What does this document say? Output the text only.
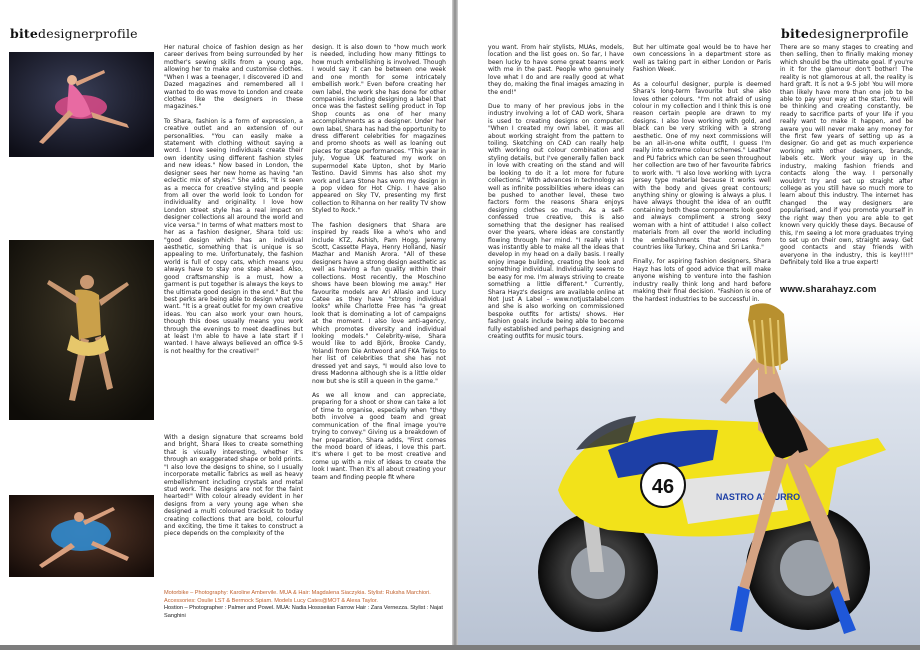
bitedesignerprofile

Her natural choice of fashion design as her career derives from being surrounded by her mother's sewing skills from a young age, allowing her to make and customise clothes. "When I was a teenager, I discovered iD and Dazed magazines and remembered all I wanted to do was move to London and create clothes like the designers in these magazines."

To Shara, fashion is a form of expression, a creative outlet and an extension of our personalities. "You can easily make a statement with clothing without saying a word. I love seeing individuals create their own identity using different fashion styles and new ideas." Now based in London, the designer sees her new home as having "an eclectic mix of styles." She adds, "It is seen as a mecca for creative styling and people from all over the world look to London for individuality and originality. I love how London street style has a real impact on designer collections all around the world and vice versa." In terms of what matters most to her as a fashion designer, Shara told us: "good design which has an individual aesthetic, something that is unique is so appealing to me. Unfortunately, the fashion world is full of copy cats, which means you always have to stay one step ahead. Also, good craftsmanship is a must, how a garment is put together is always the keys to the ultimate good design in the end." But the best perks are being able to design what you want. "It is a great outlet for my own creative ideas. You can also work your own hours, though this does usually means you work through the evenings to meet deadlines but at least I'm able to have a late start if I wanted. I have always believed an office 9-5 is not healthy for the creative!"

With a design signature that screams bold and bright, Shara likes to create something that is visually interesting, whether it's through an exaggerated shape or bold prints. "I also love the designs to shine, so I usually incorporate metallic fabrics as well as heavy embellishment including crystals and metal stud work. The designs are not for the faint hearted!" With colour already evident in her designs from a very young age when she designed a multi coloured tracksuit to today creating collections that are bold, colourful and exciting, the time it takes to construct a piece depends on the complexity of the

design. It is also down to "how much work is needed, including how many fittings to how much embellishing is involved. Though I would say it can be between one week and one month for some intricately embellish work." Even before creating her own label, the work she has done for other companies including designing a label that once was the fastest selling product in Top Shop counts as one of her many accomplishments as a designer. Under her own label, Shara has had the opportunity to dress different celebrities for magazines and promo shoots as well as loaning out pieces for stage performances. "This year in July, Vogue UK featured my work on supermodel Kate Upton, shot by Mario Testino. David Simms has also shot my work and Lara Stone has worn my design in a pop video for Hot Chip. I have also appeared on Sky TV, presenting my first collection to Rihanna on her reality TV show Styled to Rock."

The fashion designers that Shara are inspired by reads like a who's who and include KTZ, Ashish, Pam Hogg, Jeremy Scott, Cassette Playa, Henry Holland, Nasir Mazhar and Manish Arora. "All of these designers have a strong design aesthetic as well as having a fun quality within their collections. Most recently, the Moschino shows have been blowing me away." Her favourite models are Ari Allasio and Lucy Catee as they have "strong individual looks" while Charlotte Free has "a great look that is dominating a lot of campaigns at the moment. I also love anti-agency, which promotes diversity and individual looking models." Celebrity-wise, Shara would like to add Björk, Brooke Candy, Yolandi from Die Antwoord and FKA Twigs to her list of celebrities that she has not dressed yet and says, "I would also love to dress Madonna although she is a little older now but she is still a queen in the game."

As we all know and can appreciate, preparing for a shoot or show can take a lot of time to organise, especially when "they both involve a good team and great communication of the final image you're trying to convey." Giving us a breakdown of her preparation, Shara adds, "First comes the mood board of ideas, I love this part. It's where I get to be most creative and come up with a mix of ideas to create the look I want. Then it's all about creating your team and finding people fit where

Motorbike – Photography: Karoline Ambervile. MUA & Hair: Magdalena Siaczykia. Stylist: Ruksha Marchiori. Accessories: Osulie LST & Bermock Spiam. Models Lucy Cates@MOT & Alexa Taylor.
Hostion – Photographer : Palmer and Powel. MUA: Nadia Hossseiian Farrow Hair : Zara Vernezza. Stylist : Najat Sanghini
bitedesignerprofile
46	NASTRO AZZURRO

you want. From hair stylists, MUAs, models, location and the list goes on. So far, I have been lucky to have some great teams work with me in the past. People who genuinely love what I do and are really good at what they do, making the final images amazing in the end!"

Due to many of her previous jobs in the industry involving a lot of CAD work, Shara is used to creating designs on computer. "When I created my own label, it was all about working straight from the pattern to toiling. Sketching on CAD can really help with working out colour combination and styling details, but I've generally fallen back in love with creating on the stand and will be looking to do it a lot more for future collections." With advances in technology as well as infinite possibilities where ideas can be pushed to another level, these two factors form the reasons Shara enjoys designing clothes so much. As a self-confessed true creative, this is also something that the designer has realised over the years, where ideas are constantly flowing through her mind. "I really wish I was instantly able to make all the ideas that develop in my head on a daily basis. I really enjoy image building, creating the look and something individual. Individuality seems to be easy for me. I'm always striving to create something a little different." Currently, Shara Hayz's designs are available online at Not Just A Label – www.notjustalabel.com and she is also working on commissioned bespoke outfits for artists/ shows. Her fashion goals include being able to become fully established and perhaps designing and creating outfits for music tours.

But her ultimate goal would be to have her own concessions in a department store as well as taking part in either London or Paris Fashion Week.

As a colourful designer, purple is deemed Shara's long-term favourite but she also loves other colours. "I'm not afraid of using colour in my collection and I think this is one reason certain people are drawn to my designs. I also love working with gold, and black can be very striking with a strong aesthetic. One of my next commissions will be an all-in-one white outfit, I guess I'm really into extreme colour schemes." Leather and PU fabrics which can be seen throughout her collection are two of her favourite fabrics to work with. "I also love working with Lycra jersey type material because it works well with the body and gives great contours; anything shiny or glowing is always a plus. I have always thought the idea of an outfit containing both these components look good and always compliment a strong sexy woman with a hint of attitude! I also collect materials from all over the world including the embellishments that comes from countries like Turkey, China and Sri Lanka."

Finally, for aspiring fashion designers, Shara Hayz has lots of good advice that will make anyone wishing to venture into the fashion industry really think long and hard before making their final decision. "Fashion is one of the hardest industries to be successful in.

There are so many stages to creating and then selling, then to finally making money which should be the ultimate goal. If you're in it for the glamour don't bother! The reality is not glamorous at all, the reality is hard graft. It is not a 9-5 job! You will more than likely have more than one job to be able to pay your way at the start. You will be thinking and creating constantly, be ready to sacrifice parts of your life if you really want to make it happen, and be aware you will never make any money for the first few years of setting up as a designer. Go and get as much experience working with other designers, brands, labels etc. Work your way up in the industry, making fashion friends and contacts along the way. I personally wouldn't try and set up straight after college as you still have so much more to learn about this industry. The internet has changed the way designers are popularised, and if you promote yourself in the right way then you are able to get known very quickly these days. Because of this, I'm seeing a lot more graduates trying to set up on their own, straight away. Get good contacts and stay friends with everyone in the industry, this is key!!!!" Definitely told like a true expert!

www.sharahayz.com
